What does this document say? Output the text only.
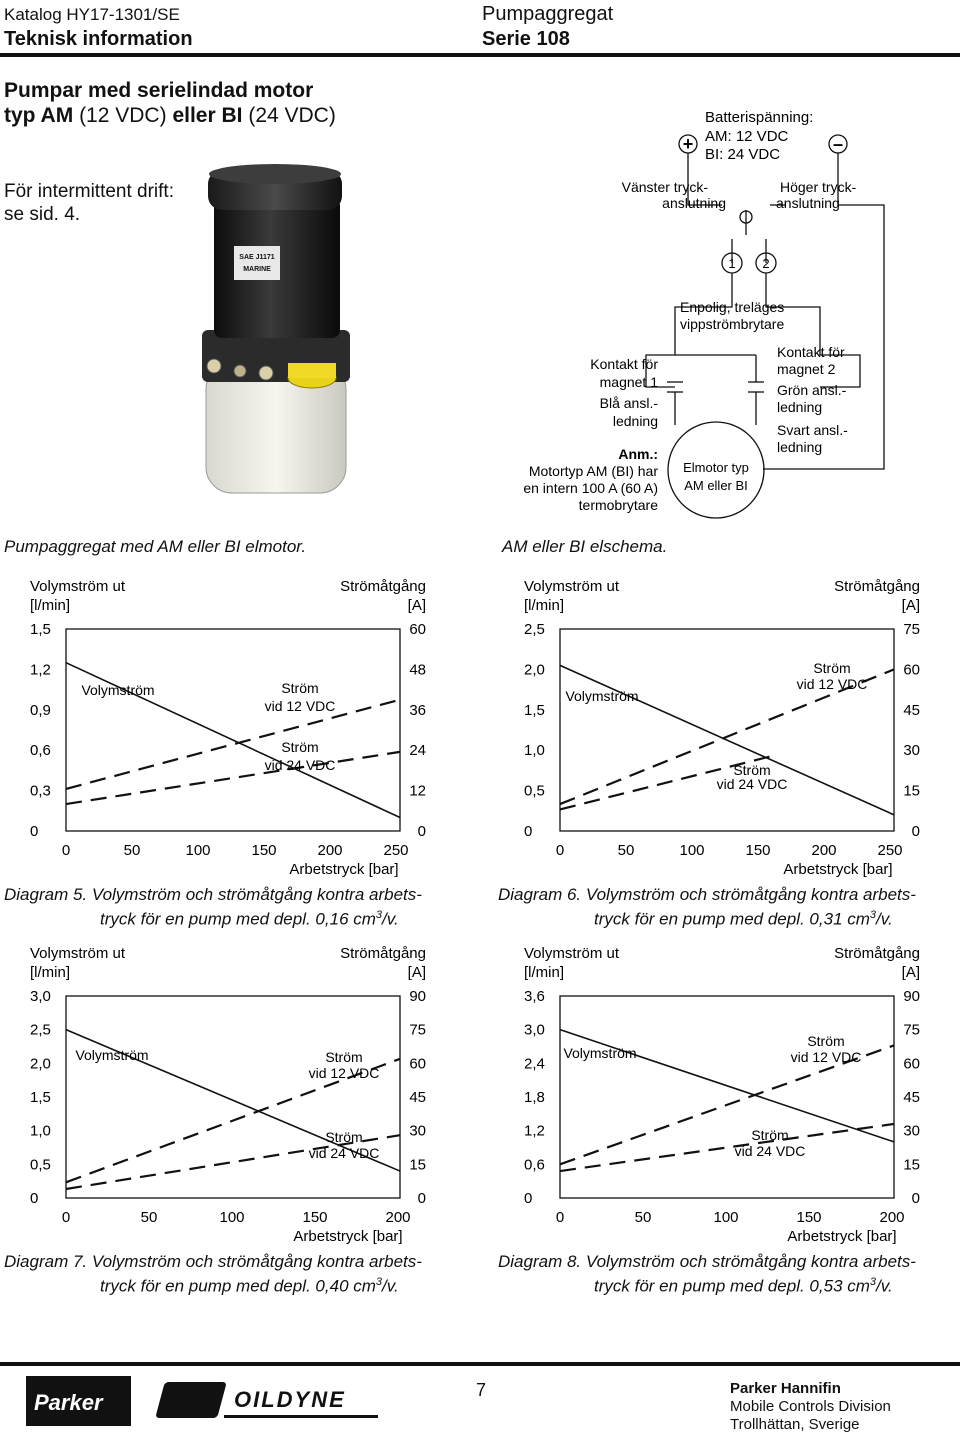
Katalog HY17-1301/SE
Teknisk information
Pumpaggregat
Serie 108
Pumpar med serielindad motor
typ AM (12 VDC) eller BI (24 VDC)
För intermittent drift:
se sid. 4.
SAE J1171
MARINE
Pumpaggregat med AM eller BI elmotor.
+	–
Batterispänning:
AM: 12 VDC
BI: 24 VDC
Vänster tryck-
anslutning
Höger tryck-
anslutning
1 2
Enpolig, treläges
vippströmbrytare
Kontakt för
magnet 1
Blå ansl.-
ledning
Anm.:
Motortyp AM (BI) har
en intern 100 A (60 A)
termobrytare
Elmotor typ
AM eller BI
Kontakt för
magnet 2
Grön ansl.-
ledning
Svart ansl.-
ledning
AM eller BI elschema.
Volymström ut
[l/min]
Strömåtgång
[A]
0
0,3
0,6
0,9
1,2
1,5
0
12
24
36
48
60
0	50	100	150	200	250
Arbetstryck [bar]
Volymström	Ström
vid 12 VDC
Ström
vid 24 VDC
Diagram 5. Volymström och strömåtgång kontra arbets-
tryck för en pump med depl. 0,16 $cm^3/v$.
Volymström ut
[l/min]
Strömåtgång
[A]
0
0,5
1,0
1,5
2,0
2,5
0
15
30
45
60
75
0	50	100	150	200	250
Arbetstryck [bar]
Volymström
Ström
vid 12 VDC
Ström
vid 24 VDC
Diagram 6. Volymström och strömåtgång kontra arbets-
tryck för en pump med depl. 0,31 $cm^3/v$.
Volymström ut
[l/min]
Strömåtgång
[A]
0
0,5
1,0
1,5
2,0
2,5
3,0
0
15
30
45
60
75
90
0	50	100	150	200
Arbetstryck [bar]
Volymström	Ström
vid 12 VDC
Ström
vid 24 VDC
Diagram 7. Volymström och strömåtgång kontra arbets-
tryck för en pump med depl. 0,40 $cm^3/v$.
Volymström ut
[l/min]
Strömåtgång
[A]
0
0,6
1,2
1,8
2,4
3,0
3,6
0
15
30
45
60
75
90
0	50	100	150	200
Arbetstryck [bar]
Volymström
Ström
vid 12 VDC
Ström
vid 24 VDC
Diagram 8. Volymström och strömåtgång kontra arbets-
tryck för en pump med depl. 0,53 $cm^3/v$.
Parker	OILDYNE	7	Parker Hannifin
Mobile Controls Division
Trollhättan, Sverige
